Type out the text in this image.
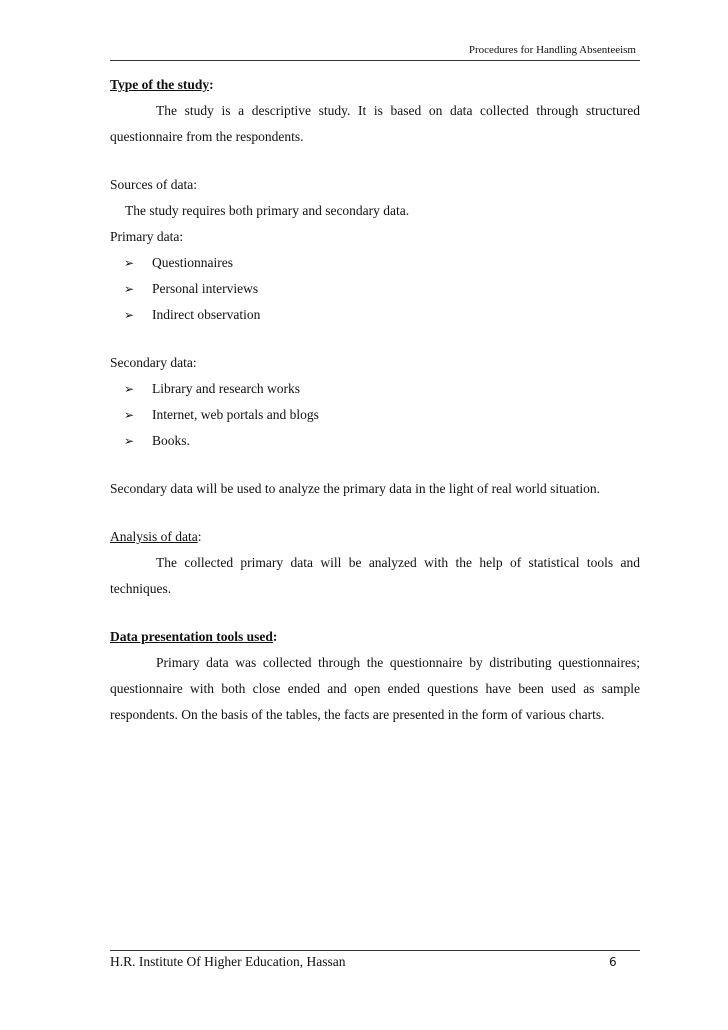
Procedures for Handling Absenteeism

Type of the study:

The study is a descriptive study. It is based on data collected through structured questionnaire from the respondents.

Sources of data:

The study requires both primary and secondary data.

Primary data:

➢ Questionnaires
➢ Personal interviews
➢ Indirect observation

Secondary data:

➢ Library and research works
➢ Internet, web portals and blogs
➢ Books.

Secondary data will be used to analyze the primary data in the light of real world situation.

Analysis of data:

The collected primary data will be analyzed with the help of statistical tools and techniques.

Data presentation tools used:

Primary data was collected through the questionnaire by distributing questionnaires; questionnaire with both close ended and open ended questions have been used as sample respondents. On the basis of the tables, the facts are presented in the form of various charts.

H.R. Institute Of Higher Education, Hassan	6
